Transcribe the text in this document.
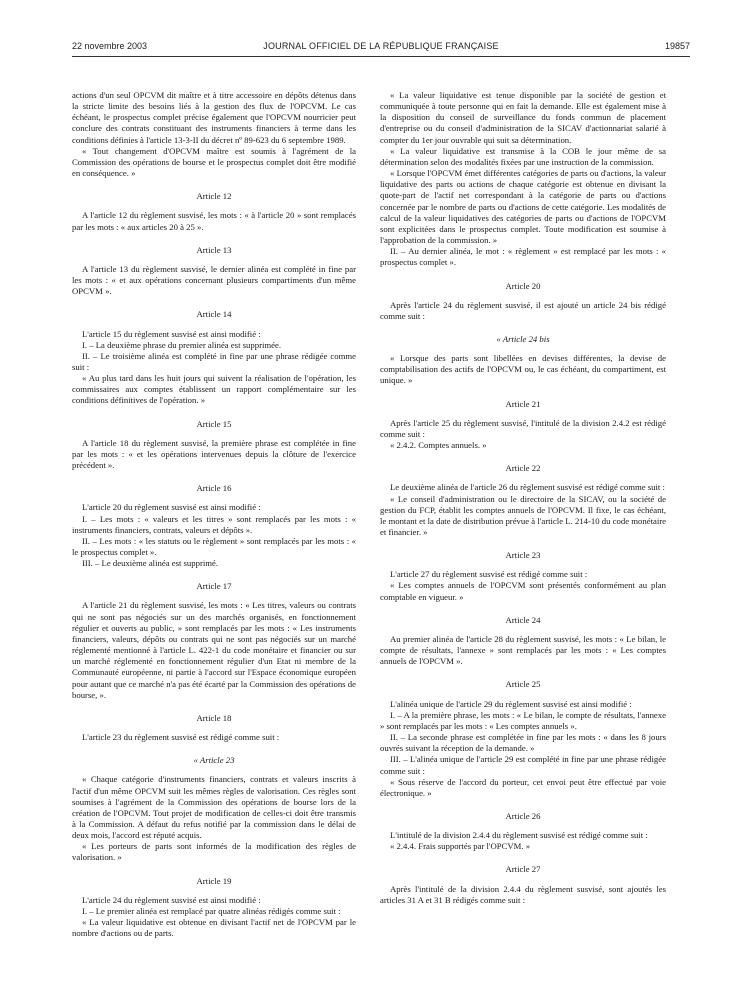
22 novembre 2003	JOURNAL OFFICIEL DE LA RÉPUBLIQUE FRANÇAISE	19857

actions d'un seul OPCVM dit maître et à titre accessoire en dépôts détenus dans la stricte limite des besoins liés à la gestion des flux de l'OPCVM. Le cas échéant, le prospectus complet précise également que l'OPCVM nourricier peut conclure des contrats constituant des instruments financiers à terme dans les conditions définies à l'article 13-3-II du décret nº 89-623 du 6 septembre 1989.

« Tout changement d'OPCVM maître est soumis à l'agrément de la Commission des opérations de bourse et le prospectus complet doit être modifié en conséquence. »

Article 12

A l'article 12 du règlement susvisé, les mots : « à l'article 20 » sont remplacés par les mots : « aux articles 20 à 25 ».

Article 13

A l'article 13 du règlement susvisé, le dernier alinéa est complété in fine par les mots : « et aux opérations concernant plusieurs compartiments d'un même OPCVM ».

Article 14

L'article 15 du règlement susvisé est ainsi modifié :

I. – La deuxième phrase du premier alinéa est supprimée.

II. – Le troisième alinéa est complété in fine par une phrase rédigée comme suit :

« Au plus tard dans les huit jours qui suivent la réalisation de l'opération, les commissaires aux comptes établissent un rapport complémentaire sur les conditions définitives de l'opération. »

Article 15

A l'article 18 du règlement susvisé, la première phrase est complétée in fine par les mots : « et les opérations intervenues depuis la clôture de l'exercice précédent ».

Article 16

L'article 20 du règlement susvisé est ainsi modifié :

I. – Les mots : « valeurs et les titres » sont remplacés par les mots : « instruments financiers, contrats, valeurs et dépôts ».

II. – Les mots : « les statuts ou le règlement » sont remplacés par les mots : « le prospectus complet ».

III. – Le deuxième alinéa est supprimé.

Article 17

A l'article 21 du règlement susvisé, les mots : « Les titres, valeurs ou contrats qui ne sont pas négociés sur un des marchés organisés, en fonctionnement régulier et ouverts au public, » sont remplacés par les mots : « Les instruments financiers, valeurs, dépôts ou contrats qui ne sont pas négociés sur un marché réglementé mentionné à l'article L. 422-1 du code monétaire et financier ou sur un marché réglementé en fonctionnement régulier d'un Etat ni membre de la Communauté européenne, ni partie à l'accord sur l'Espace économique européen pour autant que ce marché n'a pas été écarté par la Commission des opérations de bourse, ».

Article 18

L'article 23 du règlement susvisé est rédigé comme suit :

« Article 23

« Chaque catégorie d'instruments financiers, contrats et valeurs inscrits à l'actif d'un même OPCVM suit les mêmes règles de valorisation. Ces règles sont soumises à l'agrément de la Commission des opérations de bourse lors de la création de l'OPCVM. Tout projet de modification de celles-ci doit être transmis à la Commission. A défaut du refus notifié par la commission dans le délai de deux mois, l'accord est réputé acquis.

« Les porteurs de parts sont informés de la modification des règles de valorisation. »

Article 19

L'article 24 du règlement susvisé est ainsi modifié :

I. – Le premier alinéa est remplacé par quatre alinéas rédigés comme suit :

« La valeur liquidative est obtenue en divisant l'actif net de l'OPCVM par le nombre d'actions ou de parts.

« La valeur liquidative est tenue disponible par la société de gestion et communiquée à toute personne qui en fait la demande. Elle est également mise à la disposition du conseil de surveillance du fonds commun de placement d'entreprise ou du conseil d'administration de la SICAV d'actionnariat salarié à compter du 1er jour ouvrable qui suit sa détermination.

« La valeur liquidative est transmise à la COB le jour même de sa détermination selon des modalités fixées par une instruction de la commission.

« Lorsque l'OPCVM émet différentes catégories de parts ou d'actions, la valeur liquidative des parts ou actions de chaque catégorie est obtenue en divisant la quote-part de l'actif net correspondant à la catégorie de parts ou d'actions concernée par le nombre de parts ou d'actions de cette catégorie. Les modalités de calcul de la valeur liquidatives des catégories de parts ou d'actions de l'OPCVM sont explicitées dans le prospectus complet. Toute modification est soumise à l'approbation de la commission. »

II. – Au dernier alinéa, le mot : « règlement » est remplacé par les mots : « prospectus complet ».

Article 20

Après l'article 24 du règlement susvisé, il est ajouté un article 24 bis rédigé comme suit :

« Article 24 bis

« Lorsque des parts sont libellées en devises différentes, la devise de comptabilisation des actifs de l'OPCVM ou, le cas échéant, du compartiment, est unique. »

Article 21

Après l'article 25 du règlement susvisé, l'intitulé de la division 2.4.2 est rédigé comme suit :

« 2.4.2. Comptes annuels. »

Article 22

Le deuxième alinéa de l'article 26 du règlement susvisé est rédigé comme suit :

« Le conseil d'administration ou le directoire de la SICAV, ou la société de gestion du FCP, établit les comptes annuels de l'OPCVM. Il fixe, le cas échéant, le montant et la date de distribution prévue à l'article L. 214-10 du code monétaire et financier. »

Article 23

L'article 27 du règlement susvisé est rédigé comme suit :

« Les comptes annuels de l'OPCVM sont présentés conformément au plan comptable en vigueur. »

Article 24

Au premier alinéa de l'article 28 du règlement susvisé, les mots : « Le bilan, le compte de résultats, l'annexe » sont remplacés par les mots : « Les comptes annuels de l'OPCVM ».

Article 25

L'alinéa unique de l'article 29 du règlement susvisé est ainsi modifié :

I. – A la première phrase, les mots : « Le bilan, le compte de résultats, l'annexe » sont remplacés par les mots : « Les comptes annuels ».

II. – La seconde phrase est complétée in fine par les mots : « dans les 8 jours ouvrés suivant la réception de la demande. »

III. – L'alinéa unique de l'article 29 est complété in fine par une phrase rédigée comme suit :

« Sous réserve de l'accord du porteur, cet envoi peut être effectué par voie électronique. »

Article 26

L'intitulé de la division 2.4.4 du règlement susvisé est rédigé comme suit :

« 2.4.4. Frais supportés par l'OPCVM. »

Article 27

Après l'intitulé de la division 2.4.4 du règlement susvisé, sont ajoutés les articles 31 A et 31 B rédigés comme suit :
